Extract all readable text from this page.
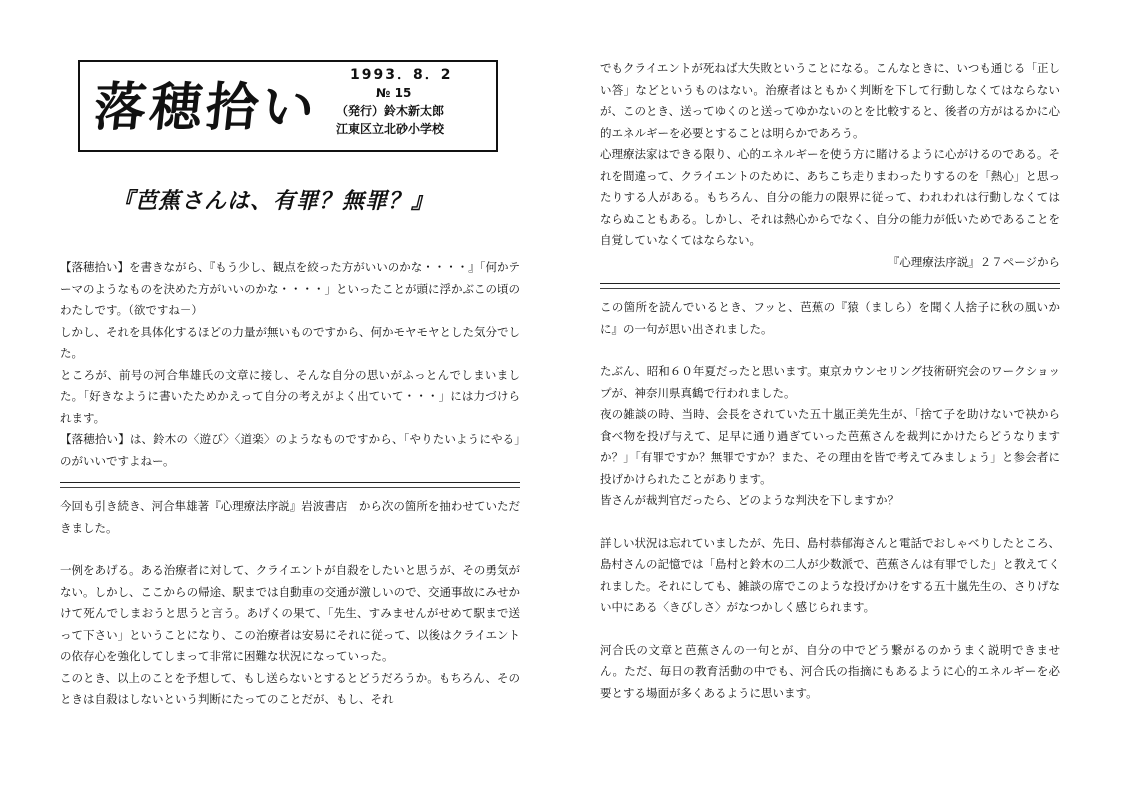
落穂拾い
1993．8．2
№ 15
（発行）鈴木新太郎
江東区立北砂小学校
『芭蕉さんは、有罪？無罪？』

【落穂拾い】を書きながら、『もう少し、観点を絞った方がいいのかな・・・・』「何かテーマのようなものを決めた方がいいのかな・・・・」といったことが頭に浮かぶこの頃のわたしです。（欲ですね－）

しかし、それを具体化するほどの力量が無いものですから、何かモヤモヤとした気分でした。

ところが、前号の河合隼雄氏の文章に接し、そんな自分の思いがふっとんでしまいました。「好きなように書いたためかえって自分の考えがよく出ていて・・・」には力づけられます。

【落穂拾い】は、鈴木の〈遊び〉〈道楽〉のようなものですから、「やりたいようにやる」のがいいですよねー。

今回も引き続き、河合隼雄著『心理療法序説』岩波書店　から次の箇所を抽わせていただきました。

一例をあげる。ある治療者に対して、クライエントが自殺をしたいと思うが、その勇気がない。しかし、ここからの帰途、駅までは自動車の交通が激しいので、交通事故にみせかけて死んでしまおうと思うと言う。あげくの果て、「先生、すみませんがせめて駅まで送って下さい」ということになり、この治療者は安易にそれに従って、以後はクライエントの依存心を強化してしまって非常に困難な状況になっていった。

このとき、以上のことを予想して、もし送らないとするとどうだろうか。もちろん、そのときは自殺はしないという判断にたってのことだが、もし、それ

でもクライエントが死ねば大失敗ということになる。こんなときに、いつも通じる「正しい答」などというものはない。治療者はともかく判断を下して行動しなくてはならないが、このとき、送ってゆくのと送ってゆかないのとを比較すると、後者の方がはるかに心的エネルギーを必要とすることは明らかであろう。

心理療法家はできる限り、心的エネルギーを使う方に賭けるように心がけるのである。それを間違って、クライエントのために、あちこち走りまわったりするのを「熱心」と思ったりする人がある。もちろん、自分の能力の限界に従って、われわれは行動しなくてはならぬこともある。しかし、それは熱心からでなく、自分の能力が低いためであることを自覚していなくてはならない。

『心理療法序説』２７ページから

この箇所を読んでいるとき、フッと、芭蕉の『猿（ましら）を聞く人捨子に秋の風いかに』の一句が思い出されました。

たぶん、昭和６０年夏だったと思います。東京カウンセリング技術研究会のワークショップが、神奈川県真鶴で行われました。

夜の雑談の時、当時、会長をされていた五十嵐正美先生が、「捨て子を助けないで袂から食べ物を投げ与えて、足早に通り過ぎていった芭蕉さんを裁判にかけたらどうなりますか？」「有罪ですか？無罪ですか？また、その理由を皆で考えてみましょう」と参会者に投げかけられたことがあります。

皆さんが裁判官だったら、どのような判決を下しますか？

詳しい状況は忘れていましたが、先日、島村恭郁海さんと電話でおしゃべりしたところ、島村さんの記憶では「島村と鈴木の二人が少数派で、芭蕉さんは有罪でした」と教えてくれました。それにしても、雑談の席でこのような投げかけをする五十嵐先生の、さりげない中にある〈きびしさ〉がなつかしく感じられます。

河合氏の文章と芭蕉さんの一句とが、自分の中でどう繋がるのかうまく説明できません。ただ、毎日の教育活動の中でも、河合氏の指摘にもあるように心的エネルギーを必要とする場面が多くあるように思います。
